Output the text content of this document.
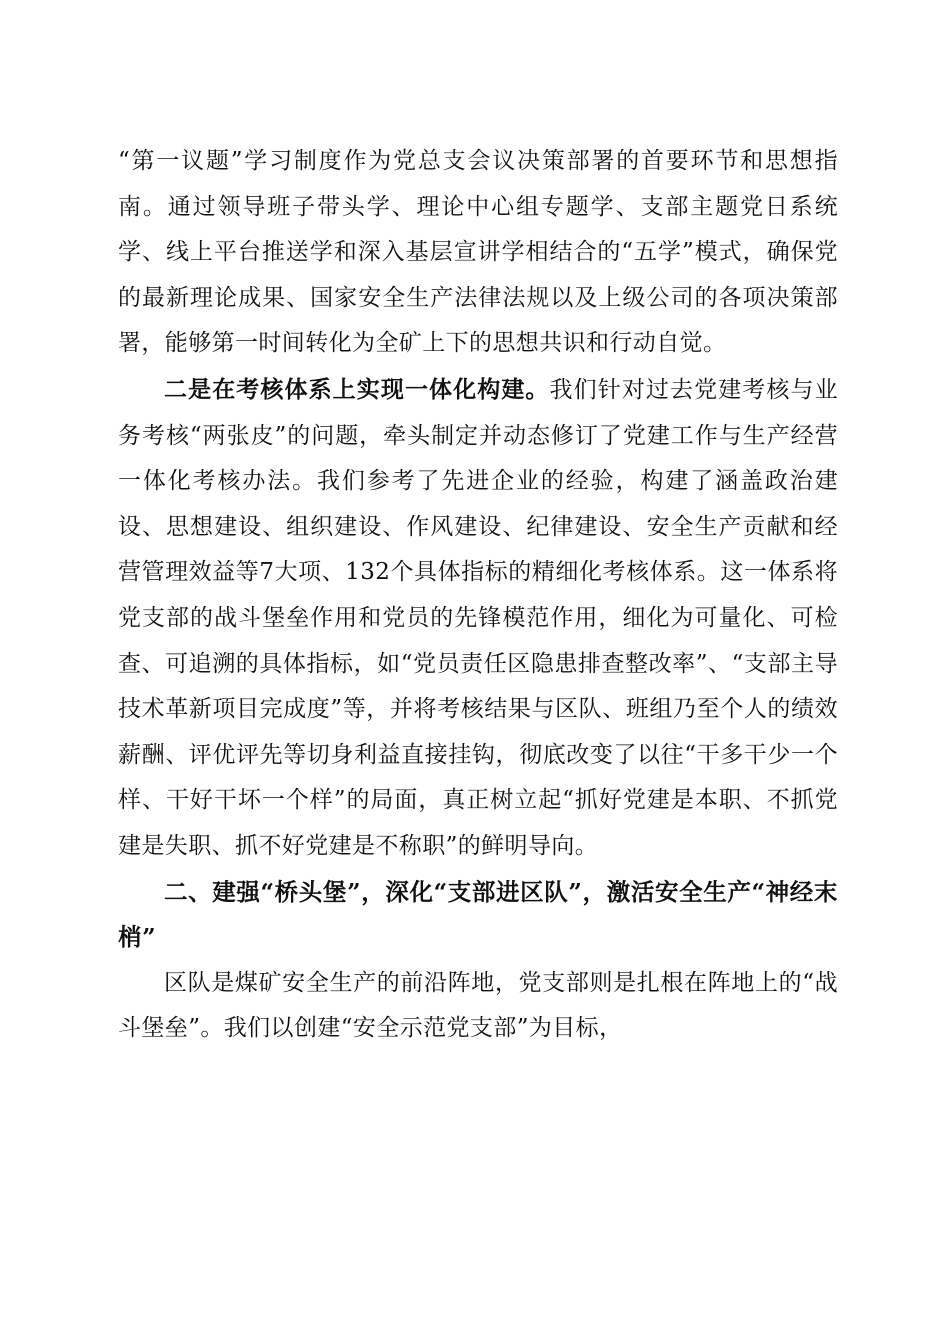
“第一议题”学习制度作为党总支会议决策部署的首要环节和思想指南。通过领导班子带头学、理论中心组专题学、支部主题党日系统学、线上平台推送学和深入基层宣讲学相结合的“五学”模式，确保党的最新理论成果、国家安全生产法律法规以及上级公司的各项决策部署，能够第一时间转化为全矿上下的思想共识和行动自觉。

二是在考核体系上实现一体化构建。我们针对过去党建考核与业务考核“两张皮”的问题，牵头制定并动态修订了党建工作与生产经营一体化考核办法。我们参考了先进企业的经验，构建了涵盖政治建设、思想建设、组织建设、作风建设、纪律建设、安全生产贡献和经营管理效益等7大项、132个具体指标的精细化考核体系。这一体系将党支部的战斗堡垒作用和党员的先锋模范作用，细化为可量化、可检查、可追溯的具体指标，如“党员责任区隐患排查整改率”、“支部主导技术革新项目完成度”等，并将考核结果与区队、班组乃至个人的绩效薪酬、评优评先等切身利益直接挂钩，彻底改变了以往“干多干少一个样、干好干坏一个样”的局面，真正树立起“抓好党建是本职、不抓党建是失职、抓不好党建是不称职”的鲜明导向。

二、建强“桥头堡”，深化“支部进区队”，激活安全生产“神经末梢”

区队是煤矿安全生产的前沿阵地，党支部则是扎根在阵地上的“战斗堡垒”。我们以创建“安全示范党支部”为目标，
